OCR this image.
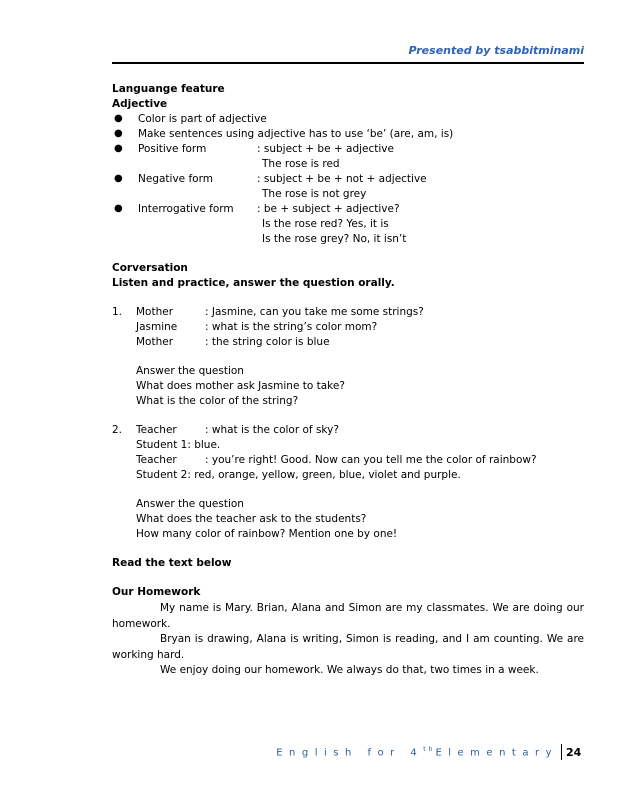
Presented by tsabbitminami
Languange feature
Adjective
● Color is part of adjective
● Make sentences using adjective has to use ‘be’ (are, am, is)
● Positive form	: subject + be + adjective
The rose is red
● Negative form	: subject + be + not + adjective
The rose is not grey
● Interrogative form : be + subject + adjective?
Is the rose red? Yes, it is
Is the rose grey? No, it isn’t
Corversation
Listen and practice, answer the question orally.
1. Mother	: Jasmine, can you take me some strings?
Jasmine	: what is the string’s color mom?
Mother	: the string color is blue
Answer the question
What does mother ask Jasmine to take?
What is the color of the string?
2. Teacher	: what is the color of sky?
Student 1: blue.
Teacher	: you’re right! Good. Now can you tell me the color of rainbow?
Student 2: red, orange, yellow, green, blue, violet and purple.
Answer the question
What does the teacher ask to the students?
How many color of rainbow? Mention one by one!
Read the text below
Our Homework
My name is Mary. Brian, Alana and Simon are my classmates. We are doing our homework.
Bryan is drawing, Alana is writing, Simon is reading, and I am counting. We are working hard.
We enjoy doing our homework. We always do that, two times in a week.
English for 4thElementary 24
